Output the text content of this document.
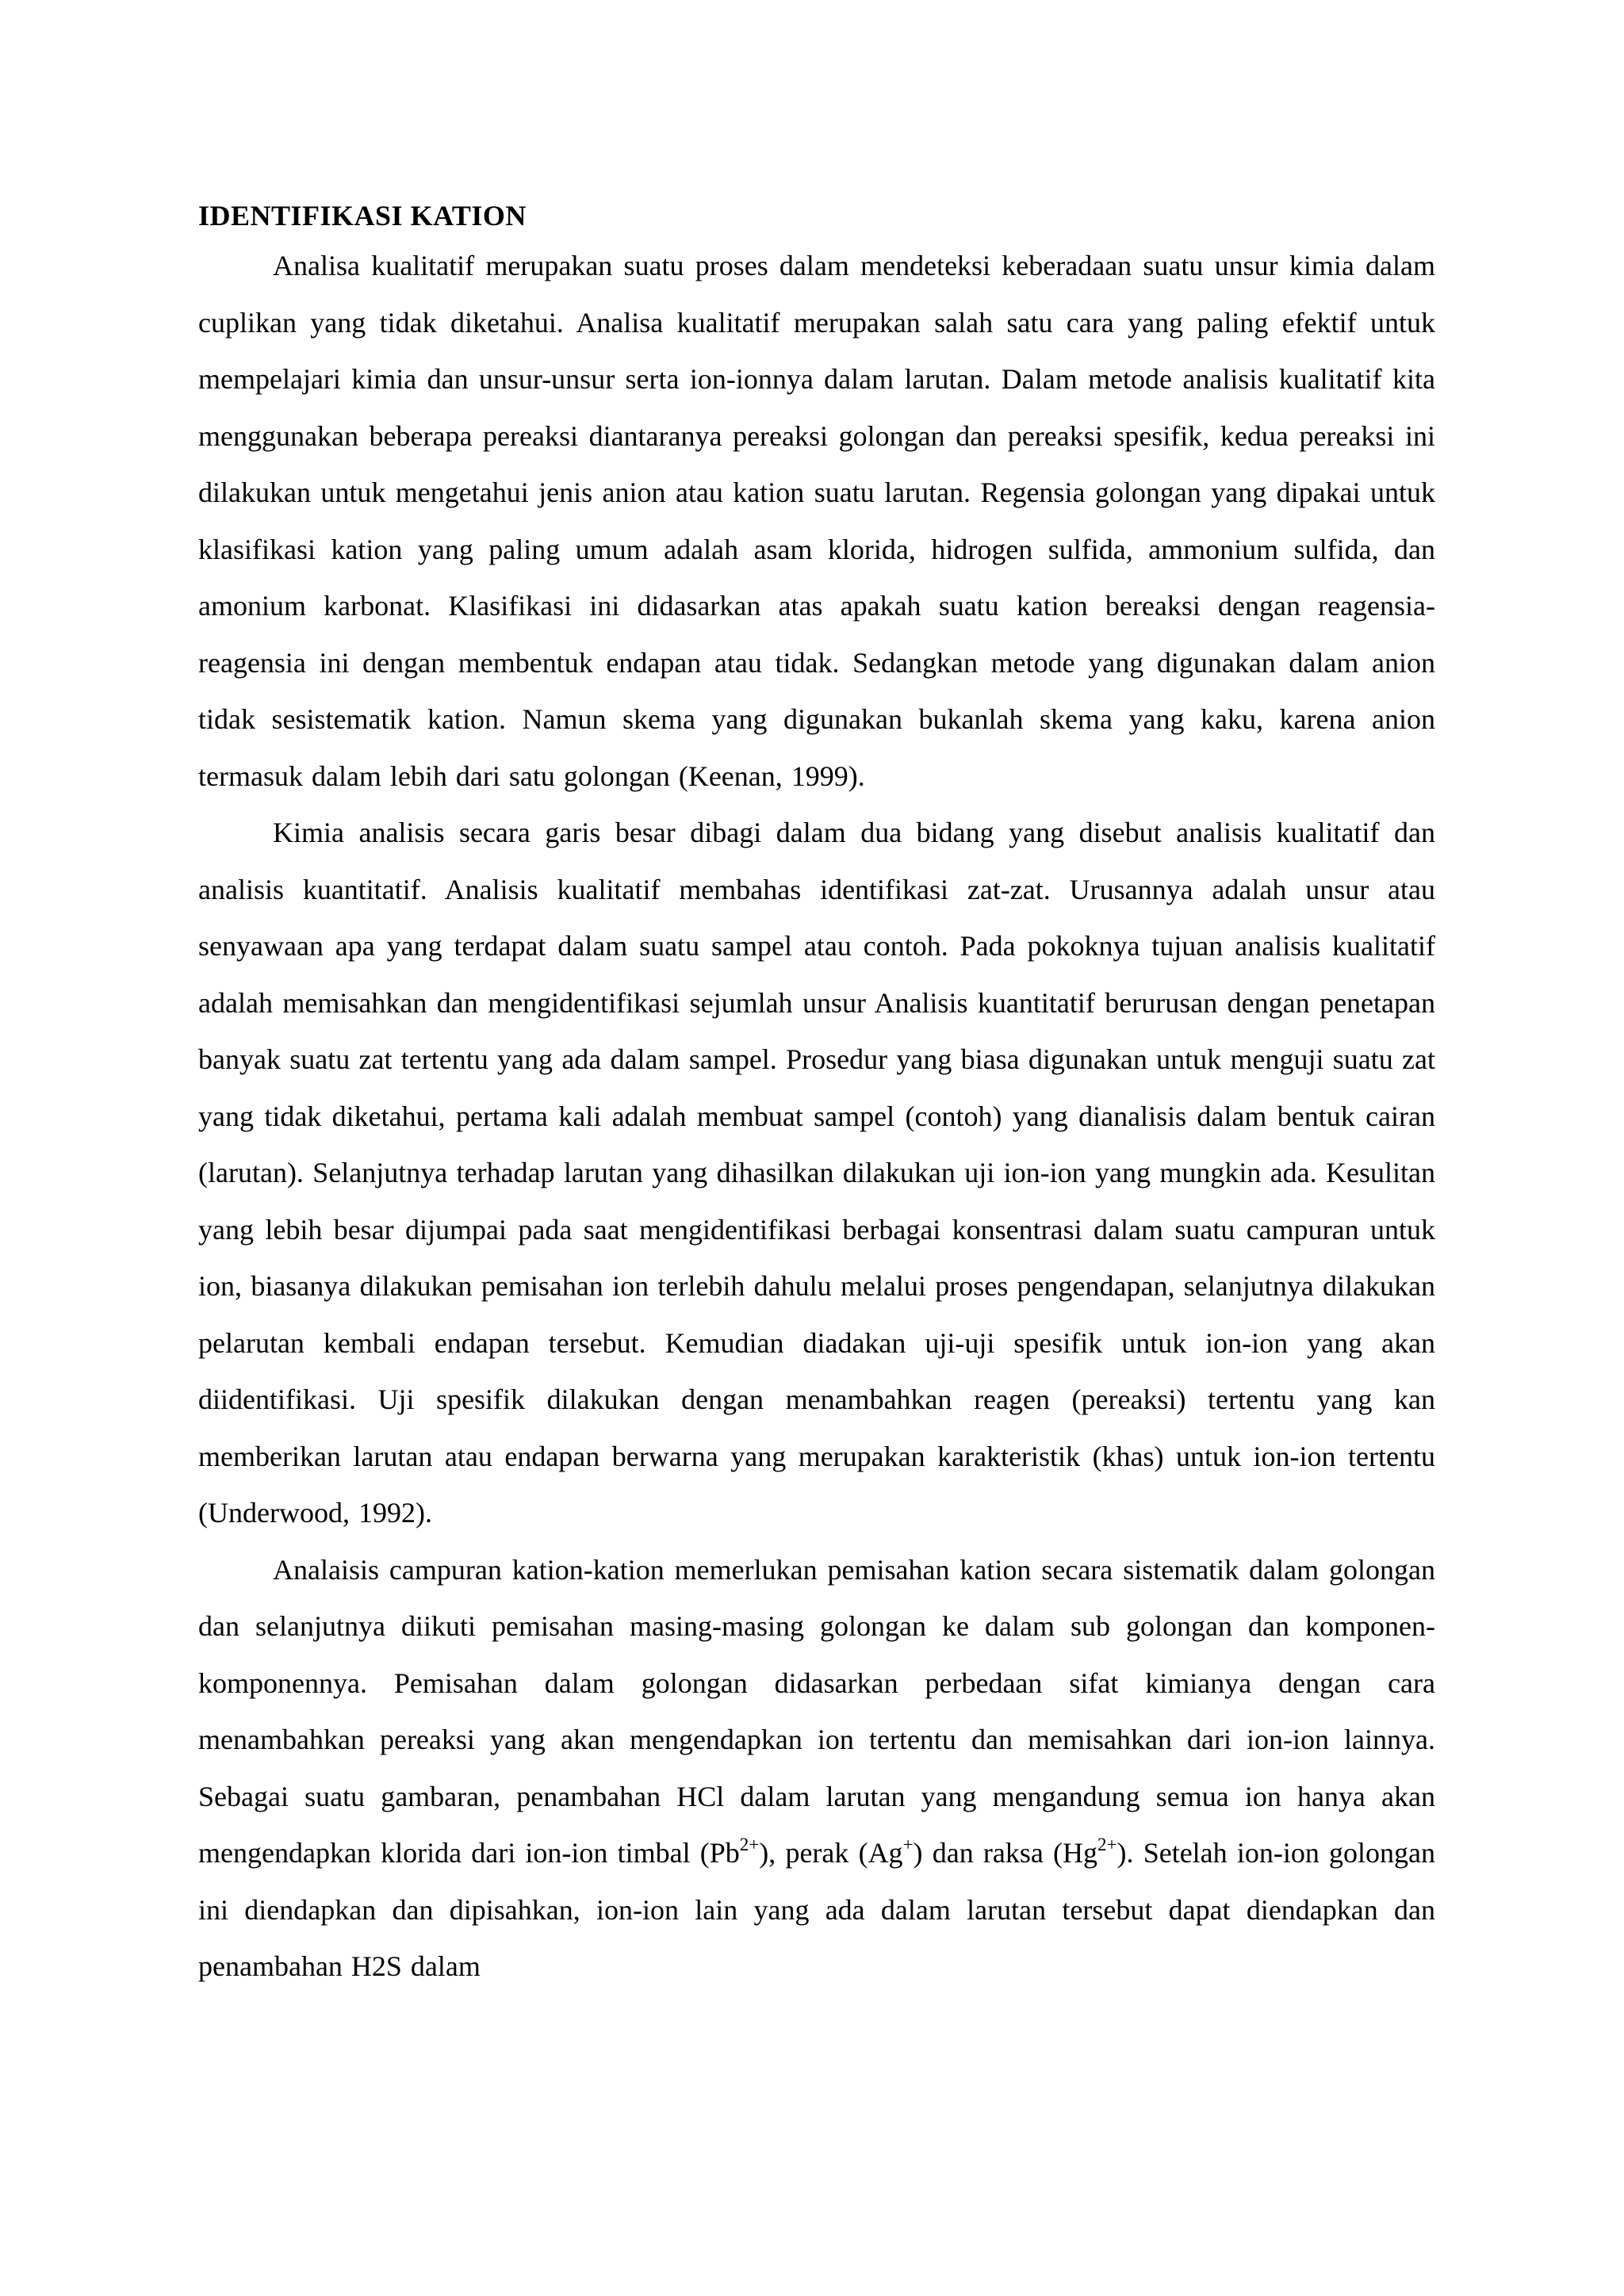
IDENTIFIKASI KATION

Analisa kualitatif merupakan suatu proses dalam mendeteksi keberadaan suatu unsur kimia dalam cuplikan yang tidak diketahui. Analisa kualitatif merupakan salah satu cara yang paling efektif untuk mempelajari kimia dan unsur-unsur serta ion-ionnya dalam larutan. Dalam metode analisis kualitatif kita menggunakan beberapa pereaksi diantaranya pereaksi golongan dan pereaksi spesifik, kedua pereaksi ini dilakukan untuk mengetahui jenis anion atau kation suatu larutan. Regensia golongan yang dipakai untuk klasifikasi kation yang paling umum adalah asam klorida, hidrogen sulfida, ammonium sulfida, dan amonium karbonat. Klasifikasi ini didasarkan atas apakah suatu kation bereaksi dengan reagensia-reagensia ini dengan membentuk endapan atau tidak. Sedangkan metode yang digunakan dalam anion tidak sesistematik kation. Namun skema yang digunakan bukanlah skema yang kaku, karena anion termasuk dalam lebih dari satu golongan (Keenan, 1999).

Kimia analisis secara garis besar dibagi dalam dua bidang yang disebut analisis kualitatif dan analisis kuantitatif. Analisis kualitatif membahas identifikasi zat-zat. Urusannya adalah unsur atau senyawaan apa yang terdapat dalam suatu sampel atau contoh. Pada pokoknya tujuan analisis kualitatif adalah memisahkan dan mengidentifikasi sejumlah unsur Analisis kuantitatif berurusan dengan penetapan banyak suatu zat tertentu yang ada dalam sampel. Prosedur yang biasa digunakan untuk menguji suatu zat yang tidak diketahui, pertama kali adalah membuat sampel (contoh) yang dianalisis dalam bentuk cairan (larutan). Selanjutnya terhadap larutan yang dihasilkan dilakukan uji ion-ion yang mungkin ada. Kesulitan yang lebih besar dijumpai pada saat mengidentifikasi berbagai konsentrasi dalam suatu campuran untuk ion, biasanya dilakukan pemisahan ion terlebih dahulu melalui proses pengendapan, selanjutnya dilakukan pelarutan kembali endapan tersebut. Kemudian diadakan uji-uji spesifik untuk ion-ion yang akan diidentifikasi. Uji spesifik dilakukan dengan menambahkan reagen (pereaksi) tertentu yang kan memberikan larutan atau endapan berwarna yang merupakan karakteristik (khas) untuk ion-ion tertentu (Underwood, 1992).

Analaisis campuran kation-kation memerlukan pemisahan kation secara sistematik dalam golongan dan selanjutnya diikuti pemisahan masing-masing golongan ke dalam sub golongan dan komponen-komponennya. Pemisahan dalam golongan didasarkan perbedaan sifat kimianya dengan cara menambahkan pereaksi yang akan mengendapkan ion tertentu dan memisahkan dari ion-ion lainnya. Sebagai suatu gambaran, penambahan HCl dalam larutan yang mengandung semua ion hanya akan mengendapkan klorida dari ion-ion timbal $(Pb^{2+})$, perak (Ag+) dan raksa $(Hg^{2+})$. Setelah ion-ion golongan ini diendapkan dan dipisahkan, ion-ion lain yang ada dalam larutan tersebut dapat diendapkan dan penambahan H2S dalam
